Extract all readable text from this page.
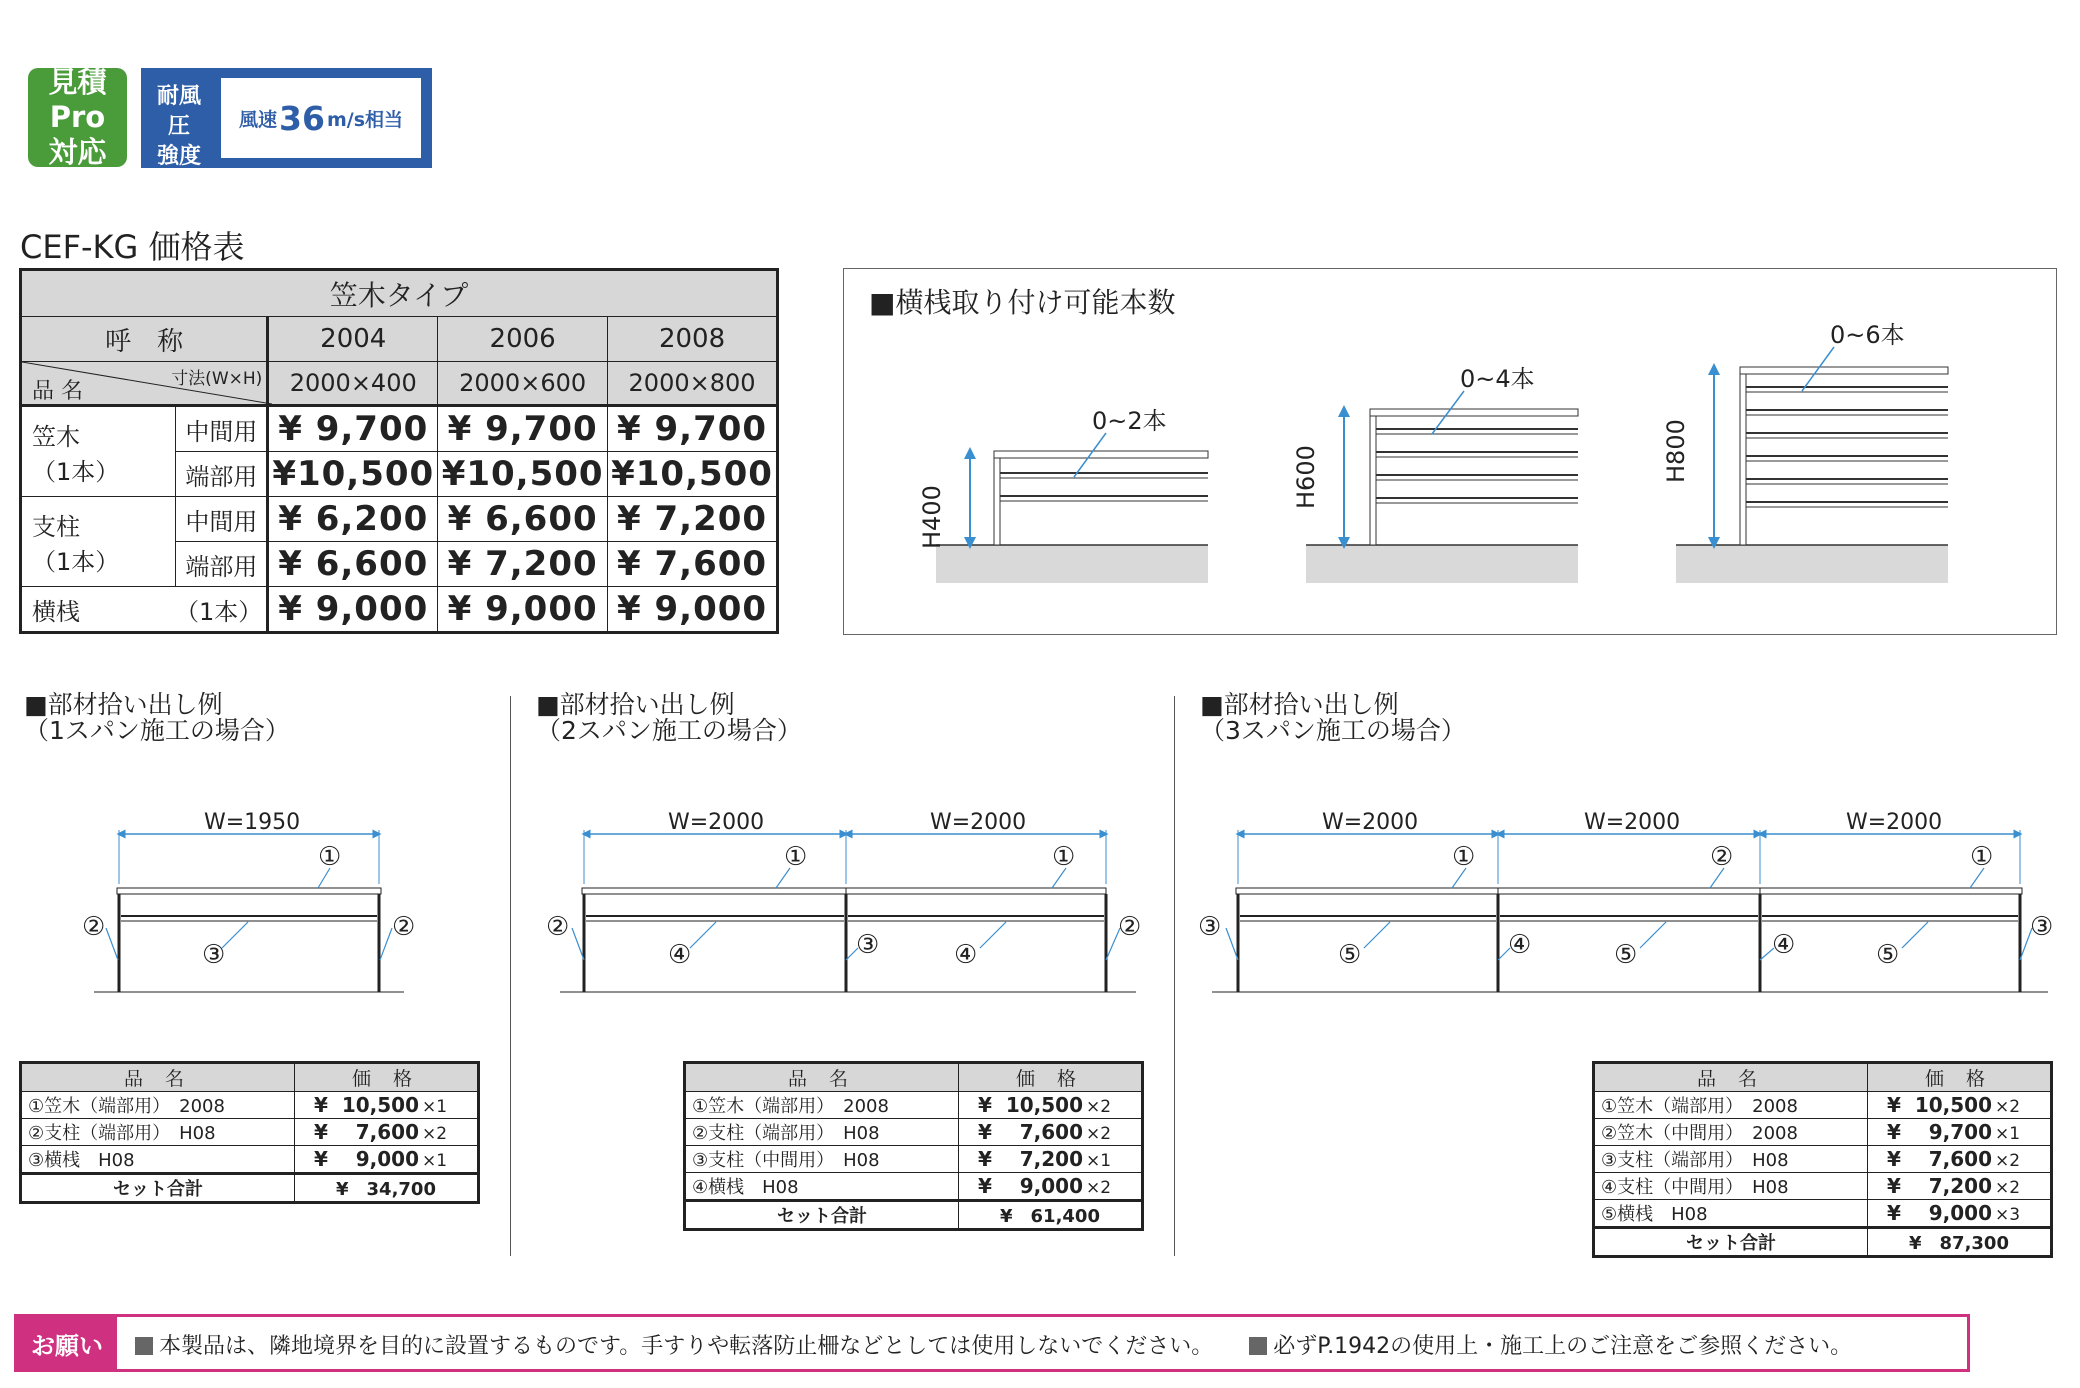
見積Pro
対応
耐風圧
強度
風速 36 m/s相当
CEF-KG 価格表
笠木タイプ				
呼　称		2004	2006	2008

品 名 寸法(W×H)		2000×400	2000×600	2000×800
笠木　（1本）	中間用	¥ 9,700	¥ 9,700	¥ 9,700
	端部用	¥10,500	¥10,500	¥10,500
支柱　（1本）	中間用	¥ 6,200	¥ 6,600	¥ 7,200
	端部用	¥ 6,600	¥ 7,200	¥ 7,600
横桟 （1本）		¥ 9,000	¥ 9,000	¥ 9,000
■横桟取り付け可能本数
H400
0~2本
H600
0~4本
H800
0~6本
■部材拾い出し例
（1スパン施工の場合）
■部材拾い出し例
（2スパン施工の場合）
■部材拾い出し例
（3スパン施工の場合）
W=1950	W=2000	W=2000	W=2000	W=2000	W=2000
①
②	②
③
①	①
②
④	③	④
②
①	②	①
③
⑤	④	⑤	④	⑤
③
品 名	価 格
①笠木（端部用）　2008	¥ 10,500 ×1
②支柱（端部用）　H08	¥ 7,600 ×2
③横桟　H08	¥ 9,000 ×1
セット合計	¥　34,700
品 名	価 格
①笠木（端部用）　2008	¥ 10,500 ×2
②支柱（端部用）　H08	¥ 7,600 ×2
③支柱（中間用）　H08	¥ 7,200 ×1
④横桟　H08	¥ 9,000 ×2
セット合計	¥　61,400
品 名	価 格
①笠木（端部用）　2008	¥ 10,500 ×2
②笠木（中間用）　2008	¥ 9,700 ×1
③支柱（端部用）　H08	¥ 7,600 ×2
④支柱（中間用）　H08	¥ 7,200 ×2
⑤横桟　H08	¥ 9,000 ×3
セット合計	¥　87,300
お願い	本製品は、隣地境界を目的に設置するものです。手すりや転落防止柵などとしては使用しないでください。	必ずP.1942の使用上・施工上のご注意をご参照ください。
